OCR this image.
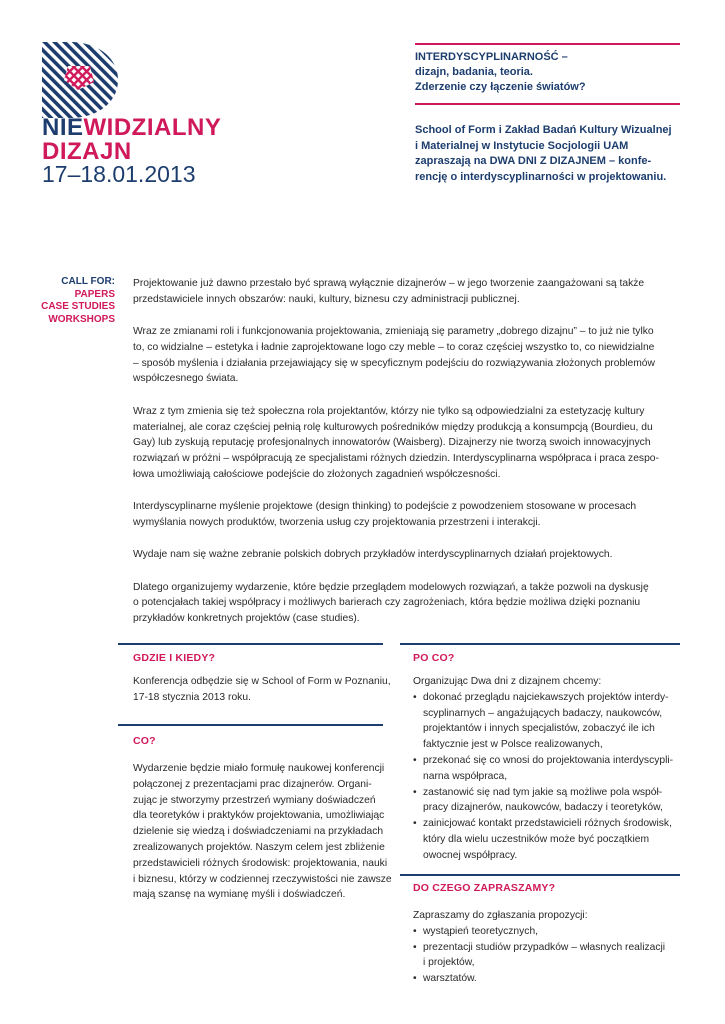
NIEWIDZIALNY
DIZAJN
17–18.01.2013
INTERDYSCYPLINARNOŚĆ –
dizajn, badania, teoria.
Zderzenie czy łączenie światów?
School of Form i Zakład Badań Kultury Wizualnej
i Materialnej w Instytucie Socjologii UAM
zapraszają na DWA DNI Z DIZAJNEM – konfe-
rencję o interdyscyplinarności w projektowaniu.
CALL FOR:
PAPERS
CASE STUDIES
WORKSHOPS

Projektowanie już dawno przestało być sprawą wyłącznie dizajnerów – w jego tworzenie zaangażowani są także
przedstawiciele innych obszarów: nauki, kultury, biznesu czy administracji publicznej.

Wraz ze zmianami roli i funkcjonowania projektowania, zmieniają się parametry „dobrego dizajnu” – to już nie tylko
to, co widzialne – estetyka i ładnie zaprojektowane logo czy meble – to coraz częściej wszystko to, co niewidzialne
– sposób myślenia i działania przejawiający się w specyficznym podejściu do rozwiązywania złożonych problemów
współczesnego świata.

Wraz z tym zmienia się też społeczna rola projektantów, którzy nie tylko są odpowiedzialni za estetyzację kultury
materialnej, ale coraz częściej pełnią rolę kulturowych pośredników między produkcją a konsumpcją (Bourdieu, du
Gay) lub zyskują reputację profesjonalnych innowatorów (Waisberg). Dizajnerzy nie tworzą swoich innowacyjnych
rozwiązań w próżni – współpracują ze specjalistami różnych dziedzin. Interdyscyplinarna współpraca i praca zespo-
łowa umożliwiają całościowe podejście do złożonych zagadnień współczesności.

Interdyscyplinarne myślenie projektowe (design thinking) to podejście z powodzeniem stosowane w procesach
wymyślania nowych produktów, tworzenia usług czy projektowania przestrzeni i interakcji.

Wydaje nam się ważne zebranie polskich dobrych przykładów interdyscyplinarnych działań projektowych.

Dlatego organizujemy wydarzenie, które będzie przeglądem modelowych rozwiązań, a także pozwoli na dyskusję
o potencjałach takiej współpracy i możliwych barierach czy zagrożeniach, która będzie możliwa dzięki poznaniu
przykładów konkretnych projektów (case studies).

GDZIE I KIEDY?

Konferencja odbędzie się w School of Form w Poznaniu,

17-18 stycznia 2013 roku.

CO?

Wydarzenie będzie miało formułę naukowej konferencji

połączonej z prezentacjami prac dizajnerów. Organi-

zując je stworzymy przestrzeń wymiany doświadczeń

dla teoretyków i praktyków projektowania, umożliwiając

dzielenie się wiedzą i doświadczeniami na przykładach

zrealizowanych projektów. Naszym celem jest zbliżenie

przedstawicieli różnych środowisk: projektowania, nauki

i biznesu, którzy w codziennej rzeczywistości nie zawsze

mają szansę na wymianę myśli i doświadczeń.

PO CO?

Organizując Dwa dni z dizajnem chcemy:

• dokonać przeglądu najciekawszych projektów interdy-
scyplinarnych – angażujących badaczy, naukowców,
projektantów i innych specjalistów, zobaczyć ile ich
faktycznie jest w Polsce realizowanych,
• przekonać się co wnosi do projektowania interdyscypli-
narna współpraca,
• zastanowić się nad tym jakie są możliwe pola współ-
pracy dizajnerów, naukowców, badaczy i teoretyków,
• zainicjować kontakt przedstawicieli różnych środowisk,
który dla wielu uczestników może być początkiem
owocnej współpracy.
DO CZEGO ZAPRASZAMY?

Zapraszamy do zgłaszania propozycji:

• wystąpień teoretycznych,
• prezentacji studiów przypadków – własnych realizacji
i projektów,
• warsztatów.
